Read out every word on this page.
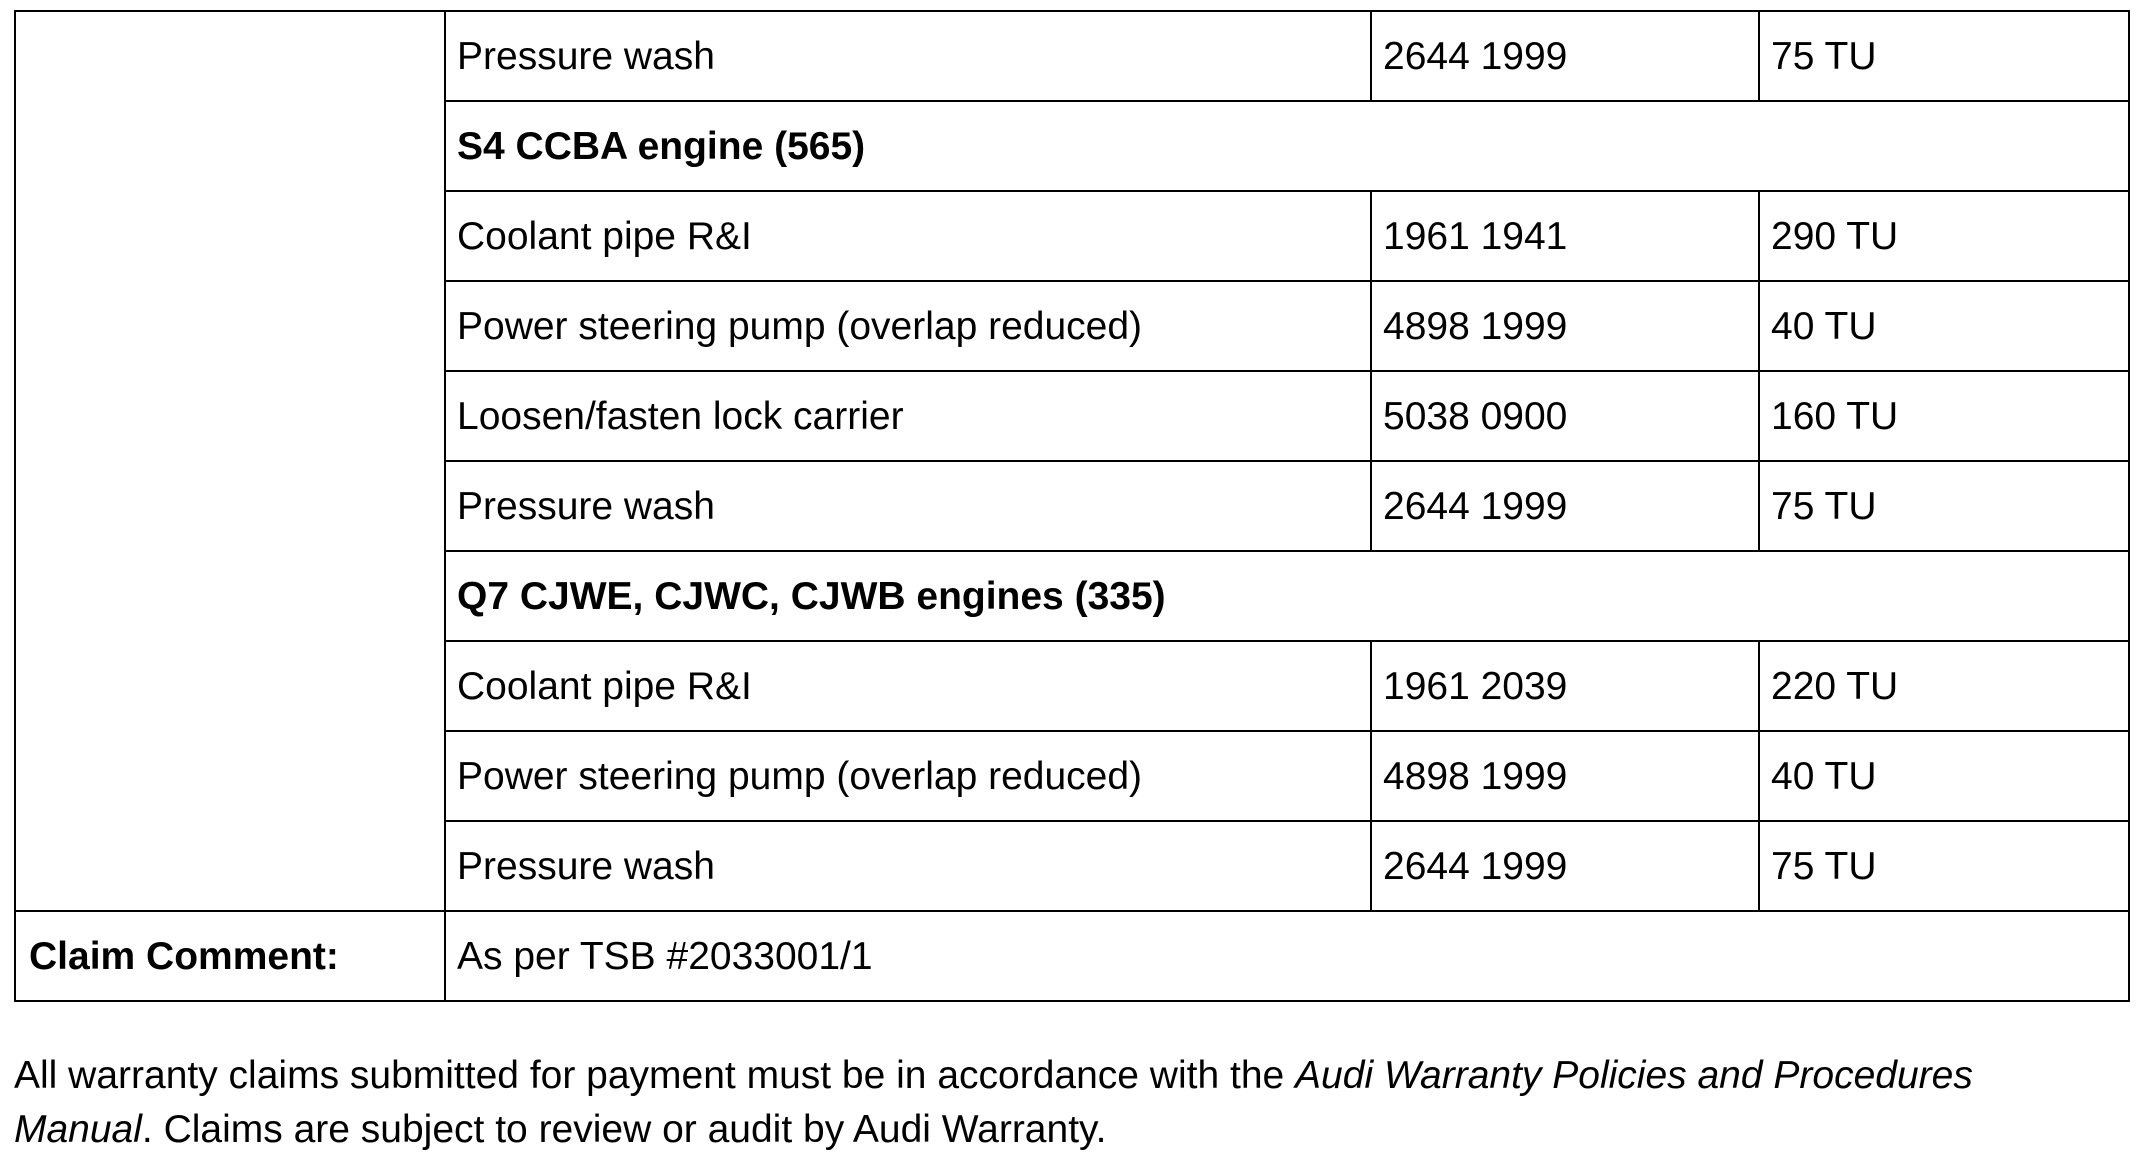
	Pressure wash	2644 1999	75 TU
	S4 CCBA engine (565)		
	Coolant pipe R&I	1961 1941	290 TU
	Power steering pump (overlap reduced)	4898 1999	40 TU
	Loosen/fasten lock carrier	5038 0900	160 TU
	Pressure wash	2644 1999	75 TU
	Q7 CJWE, CJWC, CJWB engines (335)		
	Coolant pipe R&I	1961 2039	220 TU
	Power steering pump (overlap reduced)	4898 1999	40 TU
	Pressure wash	2644 1999	75 TU
Claim Comment:	As per TSB #2033001/1		
All warranty claims submitted for payment must be in accordance with the Audi Warranty Policies and Procedures
Manual. Claims are subject to review or audit by Audi Warranty.
